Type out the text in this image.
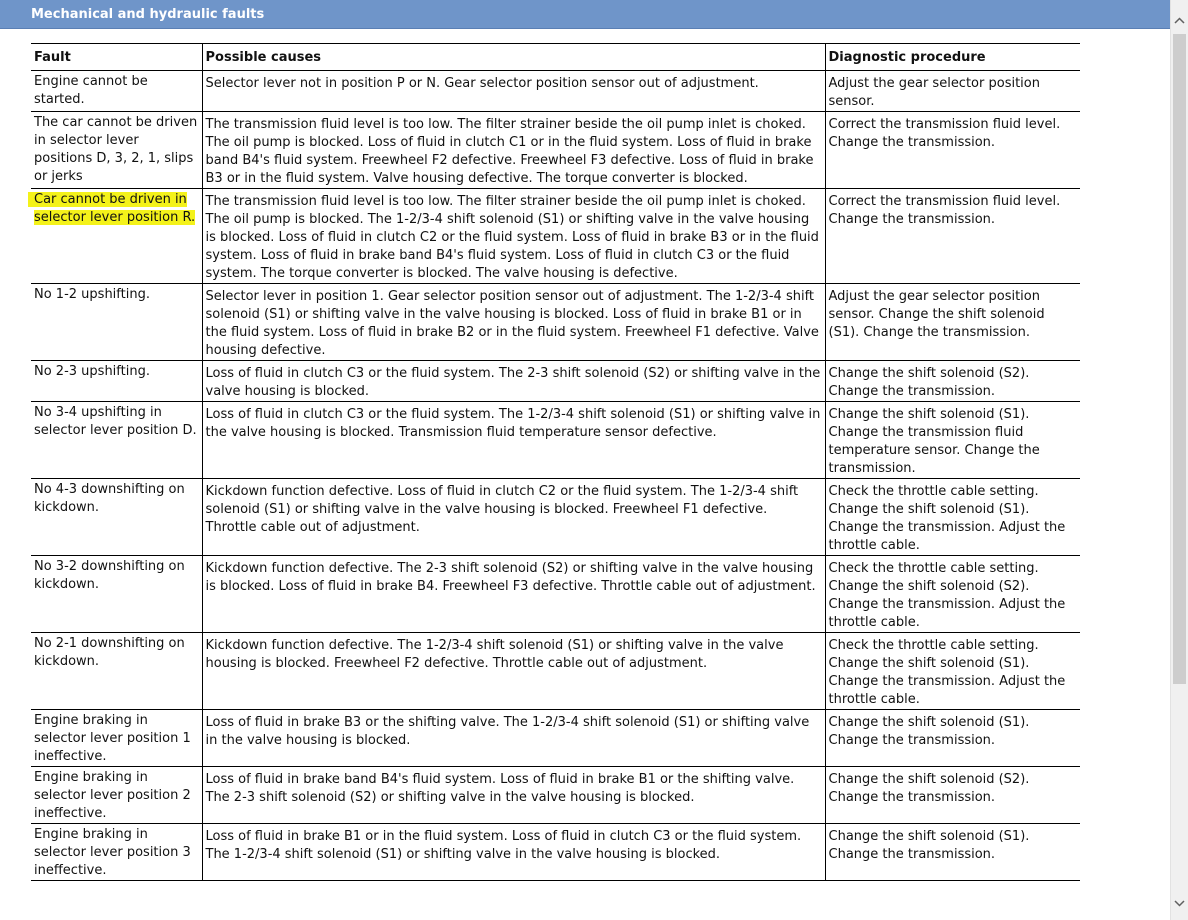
Mechanical and hydraulic faults
Fault	Possible causes	Diagnostic procedure
Engine cannot be started.	Selector lever not in position P or N. Gear selector position sensor out of adjustment.	Adjust the gear selector position sensor.
The car cannot be driven in selector lever positions D, 3, 2, 1, slips or jerks	The transmission fluid level is too low. The filter strainer beside the oil pump inlet is choked. The oil pump is blocked. Loss of fluid in clutch C1 or in the fluid system. Loss of fluid in brake band B4's fluid system. Freewheel F2 defective. Freewheel F3 defective. Loss of fluid in brake B3 or in the fluid system. Valve housing defective. The torque converter is blocked.	Correct the transmission fluid level. Change the transmission.
Car cannot be driven in selector lever position R.	The transmission fluid level is too low. The filter strainer beside the oil pump inlet is choked. The oil pump is blocked. The 1-2/3-4 shift solenoid (S1) or shifting valve in the valve housing is blocked. Loss of fluid in clutch C2 or the fluid system. Loss of fluid in brake B3 or in the fluid system. Loss of fluid in brake band B4's fluid system. Loss of fluid in clutch C3 or the fluid system. The torque converter is blocked. The valve housing is defective.	Correct the transmission fluid level. Change the transmission.
No 1-2 upshifting.	Selector lever in position 1. Gear selector position sensor out of adjustment. The 1-2/3-4 shift solenoid (S1) or shifting valve in the valve housing is blocked. Loss of fluid in brake B1 or in the fluid system. Loss of fluid in brake B2 or in the fluid system. Freewheel F1 defective. Valve housing defective.	Adjust the gear selector position sensor. Change the shift solenoid (S1). Change the transmission.
No 2-3 upshifting.	Loss of fluid in clutch C3 or the fluid system. The 2-3 shift solenoid (S2) or shifting valve in the valve housing is blocked.	Change the shift solenoid (S2). Change the transmission.
No 3-4 upshifting in selector lever position D.	Loss of fluid in clutch C3 or the fluid system. The 1-2/3-4 shift solenoid (S1) or shifting valve in the valve housing is blocked. Transmission fluid temperature sensor defective.	Change the shift solenoid (S1). Change the transmission fluid temperature sensor. Change the transmission.
No 4-3 downshifting on kickdown.	Kickdown function defective. Loss of fluid in clutch C2 or the fluid system. The 1-2/3-4 shift solenoid (S1) or shifting valve in the valve housing is blocked. Freewheel F1 defective. Throttle cable out of adjustment.	Check the throttle cable setting. Change the shift solenoid (S1). Change the transmission. Adjust the throttle cable.
No 3-2 downshifting on kickdown.	Kickdown function defective. The 2-3 shift solenoid (S2) or shifting valve in the valve housing is blocked. Loss of fluid in brake B4. Freewheel F3 defective. Throttle cable out of adjustment.	Check the throttle cable setting. Change the shift solenoid (S2). Change the transmission. Adjust the throttle cable.
No 2-1 downshifting on kickdown.	Kickdown function defective. The 1-2/3-4 shift solenoid (S1) or shifting valve in the valve housing is blocked. Freewheel F2 defective. Throttle cable out of adjustment.	Check the throttle cable setting. Change the shift solenoid (S1). Change the transmission. Adjust the throttle cable.
Engine braking in selector lever position 1 ineffective.	Loss of fluid in brake B3 or the shifting valve. The 1-2/3-4 shift solenoid (S1) or shifting valve in the valve housing is blocked.	Change the shift solenoid (S1). Change the transmission.
Engine braking in selector lever position 2 ineffective.	Loss of fluid in brake band B4's fluid system. Loss of fluid in brake B1 or the shifting valve. The 2-3 shift solenoid (S2) or shifting valve in the valve housing is blocked.	Change the shift solenoid (S2). Change the transmission.
Engine braking in selector lever position 3 ineffective.	Loss of fluid in brake B1 or in the fluid system. Loss of fluid in clutch C3 or the fluid system. The 1-2/3-4 shift solenoid (S1) or shifting valve in the valve housing is blocked.	Change the shift solenoid (S1). Change the transmission.
